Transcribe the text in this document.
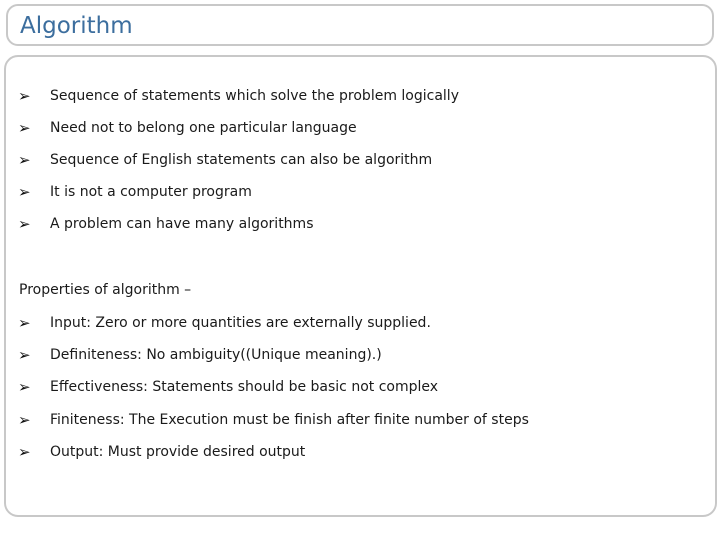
Algorithm
➢	Sequence of statements which solve the problem logically
➢	Need not to belong one particular language
➢	Sequence of English statements can also be algorithm
➢	It is not a computer program
➢	A problem can have many algorithms
Properties of algorithm –
➢	Input: Zero or more quantities are externally supplied.
➢	Definiteness: No ambiguity((Unique meaning).)
➢	Effectiveness: Statements should be basic not complex
➢	Finiteness: The Execution must be finish after finite number of steps
➢	Output: Must provide desired output
